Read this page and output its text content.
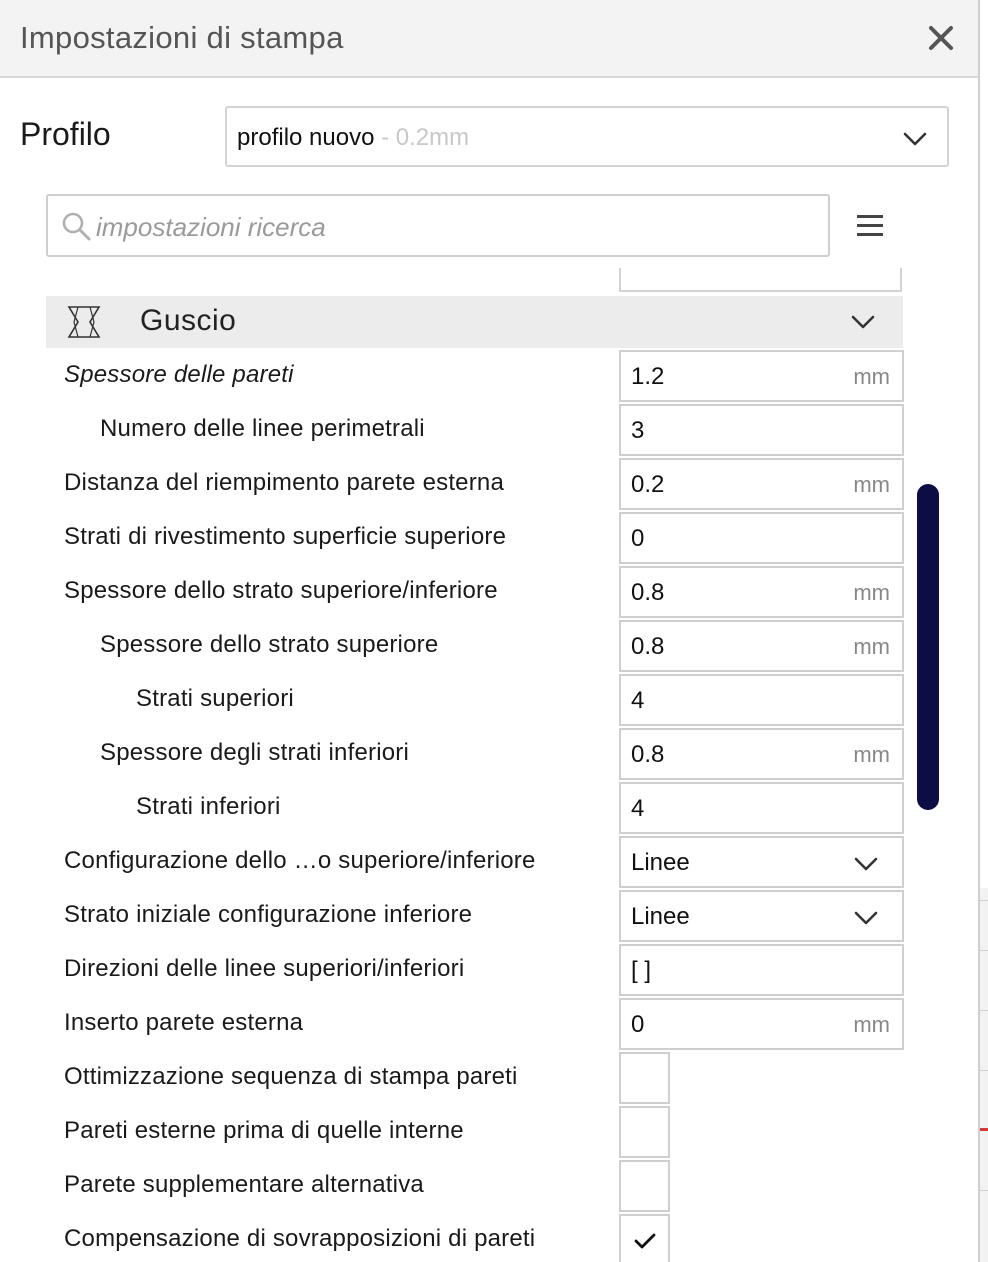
Impostazioni di stampa
Profilo	profilo nuovo - 0.2mm
impostazioni ricerca
Guscio
Spessore delle pareti	1.2	mm
Numero delle linee perimetrali	3
Distanza del riempimento parete esterna	0.2	mm
Strati di rivestimento superficie superiore	0
Spessore dello strato superiore/inferiore	0.8	mm
Spessore dello strato superiore	0.8	mm
Strati superiori	4
Spessore degli strati inferiori	0.8	mm
Strati inferiori	4
Configurazione dello …o superiore/inferiore	Linee
Strato iniziale configurazione inferiore	Linee
Direzioni delle linee superiori/inferiori	[ ]
Inserto parete esterna	0	mm
Ottimizzazione sequenza di stampa pareti
Pareti esterne prima di quelle interne
Parete supplementare alternativa
Compensazione di sovrapposizioni di pareti
